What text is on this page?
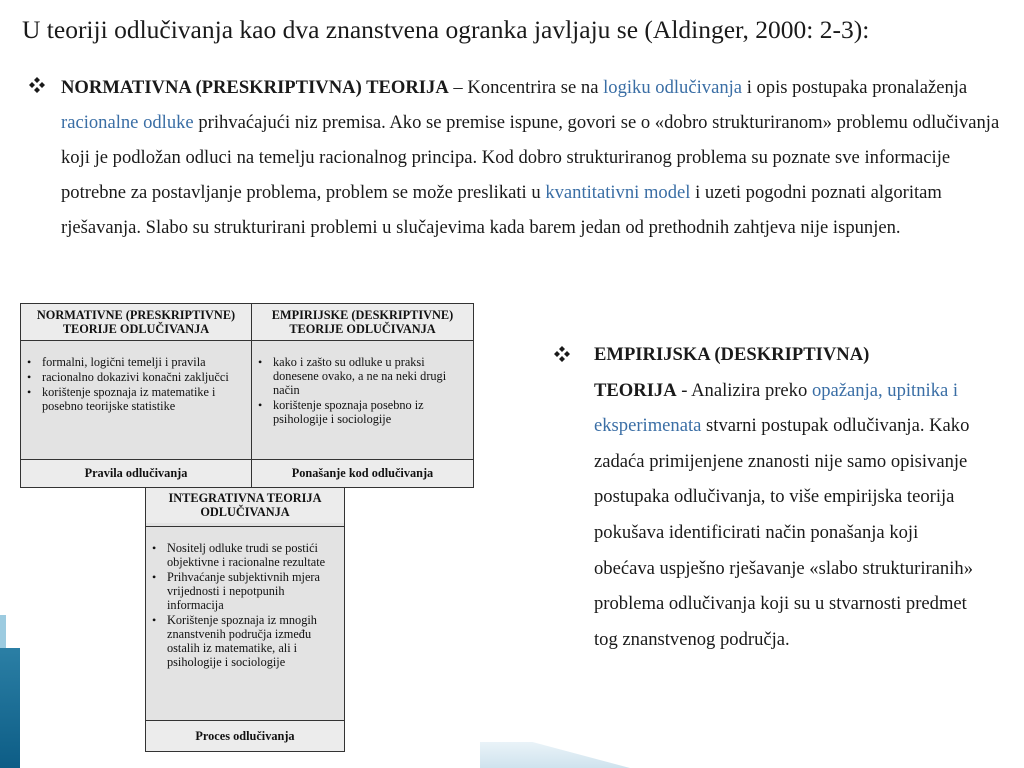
U teoriji odlučivanja kao dva znanstvena ogranka javljaju se (Aldinger, 2000: 2-3):
NORMATIVNA (PRESKRIPTIVNA) TEORIJA – Koncentrira se na logiku odlučivanja i opis postupaka pronalaženja racionalne odluke prihvaćajući niz premisa. Ako se premise ispune, govori se o «dobro strukturiranom» problemu odlučivanja koji je podložan odluci na temelju racionalnog principa. Kod dobro strukturiranog problema su poznate sve informacije potrebne za postavljanje problema, problem se može preslikati u kvantitativni model i uzeti pogodni poznati algoritam rješavanja. Slabo su strukturirani problemi u slučajevima kada barem jedan od prethodnih zahtjeva nije ispunjen.
NORMATIVNE (PRESKRIPTIVNE) TEORIJE ODLUČIVANJA
• formalni, logični temelji i pravila
• racionalno dokazivi konačni zaključci
• korištenje spoznaja iz matematike i posebno teorijske statistike
Pravila odlučivanja
EMPIRIJSKE (DESKRIPTIVNE) TEORIJE ODLUČIVANJA
• kako i zašto su odluke u praksi donesene ovako, a ne na neki drugi način
• korištenje spoznaja posebno iz psihologije i sociologije
Ponašanje kod odlučivanja
INTEGRATIVNA TEORIJA ODLUČIVANJA
• Nositelj odluke trudi se postići objektivne i racionalne rezultate
• Prihvaćanje subjektivnih mjera vrijednosti i nepotpunih informacija
• Korištenje spoznaja iz mnogih znanstvenih područja između ostalih iz matematike, ali i psihologije i sociologije
Proces odlučivanja
EMPIRIJSKA (DESKRIPTIVNA)
TEORIJA - Analizira preko opažanja, upitnika i eksperimenata stvarni postupak odlučivanja. Kako zadaća primijenjene znanosti nije samo opisivanje postupaka odlučivanja, to više empirijska teorija pokušava identificirati način ponašanja koji obećava uspješno rješavanje «slabo strukturiranih» problema odlučivanja koji su u stvarnosti predmet tog znanstvenog područja.
